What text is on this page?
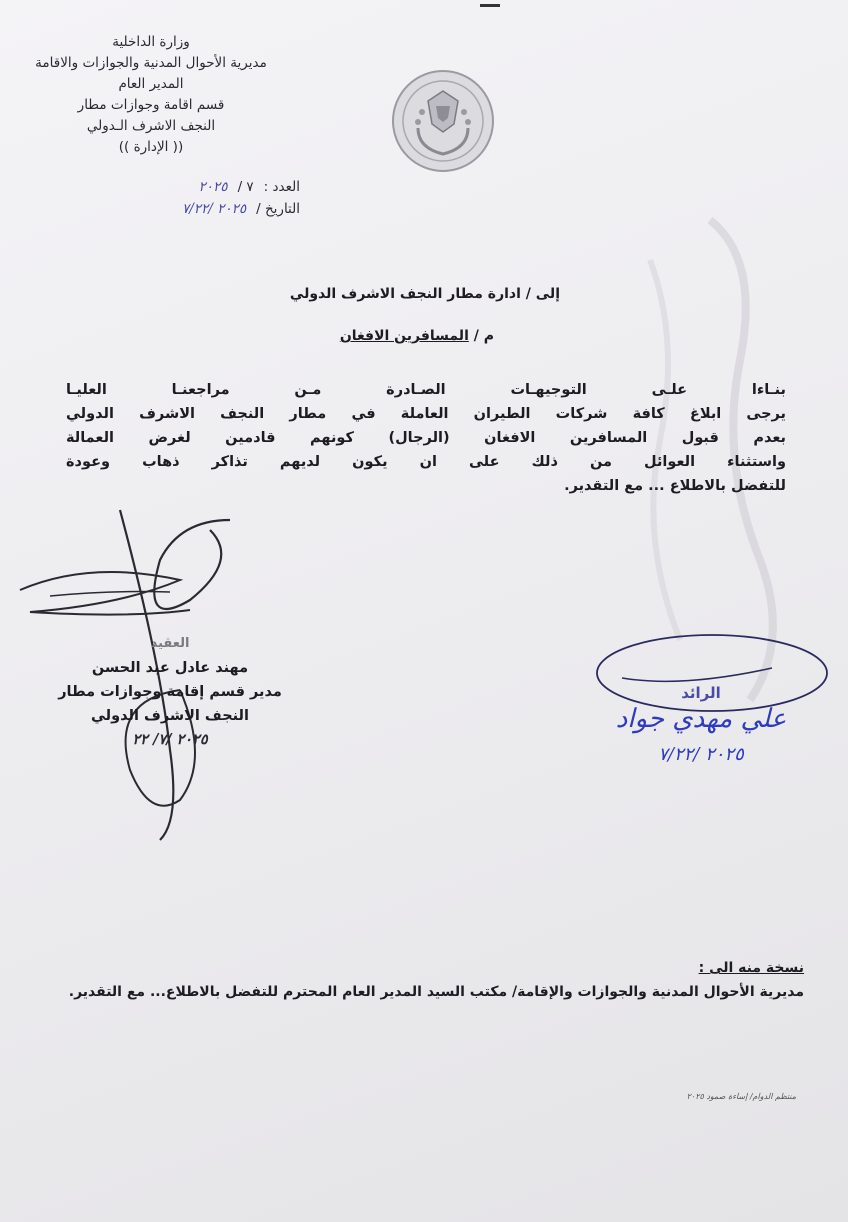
وزارة الداخلية
مديرية الأحوال المدنية والجوازات والاقامة
المدير العام
قسم اقامة وجوازات مطار
النجف الاشرف الـدولي
(( الإدارة ))
العدد :
٧ /
٢٠٢٥
التاريخ /
٢٠٢٥ /٧/٢٢
إلى / ادارة مطار النجف الاشرف الدولي
م / المسافرين الافغان
بنـاءا علـى التوجيهـات الصـادرة مـن مراجعنـا العليـا
يرجى ابلاغ كافة شركات الطيران العاملة في مطار النجف الاشرف الدولي
بعدم قبول المسافرين الافغان (الرجال) كونهم قادمين لغرض العمالة
واستثناء العوائل من ذلك على ان يكون لديهم تذاكر ذهاب وعودة
للتفضل بالاطلاع ... مع التقدير.
العقيد
مهند عادل عبد الحسن
مدير قسم إقامة وجوازات مطار
النجف الاشرف الدولي
٢٠٢٥ /٧/ ٢٢
الرائد
علي مهدي جواد
٢٠٢٥ /٧/٢٢
نسخة منه الى :
مديرية الأحوال المدنية والجوازات والإقامة/ مكتب السيد المدير العام المحترم للتفضل بالاطلاع... مع التقدير.
منتظم الدوام/ إساءة صمود ٢٠٢٥
